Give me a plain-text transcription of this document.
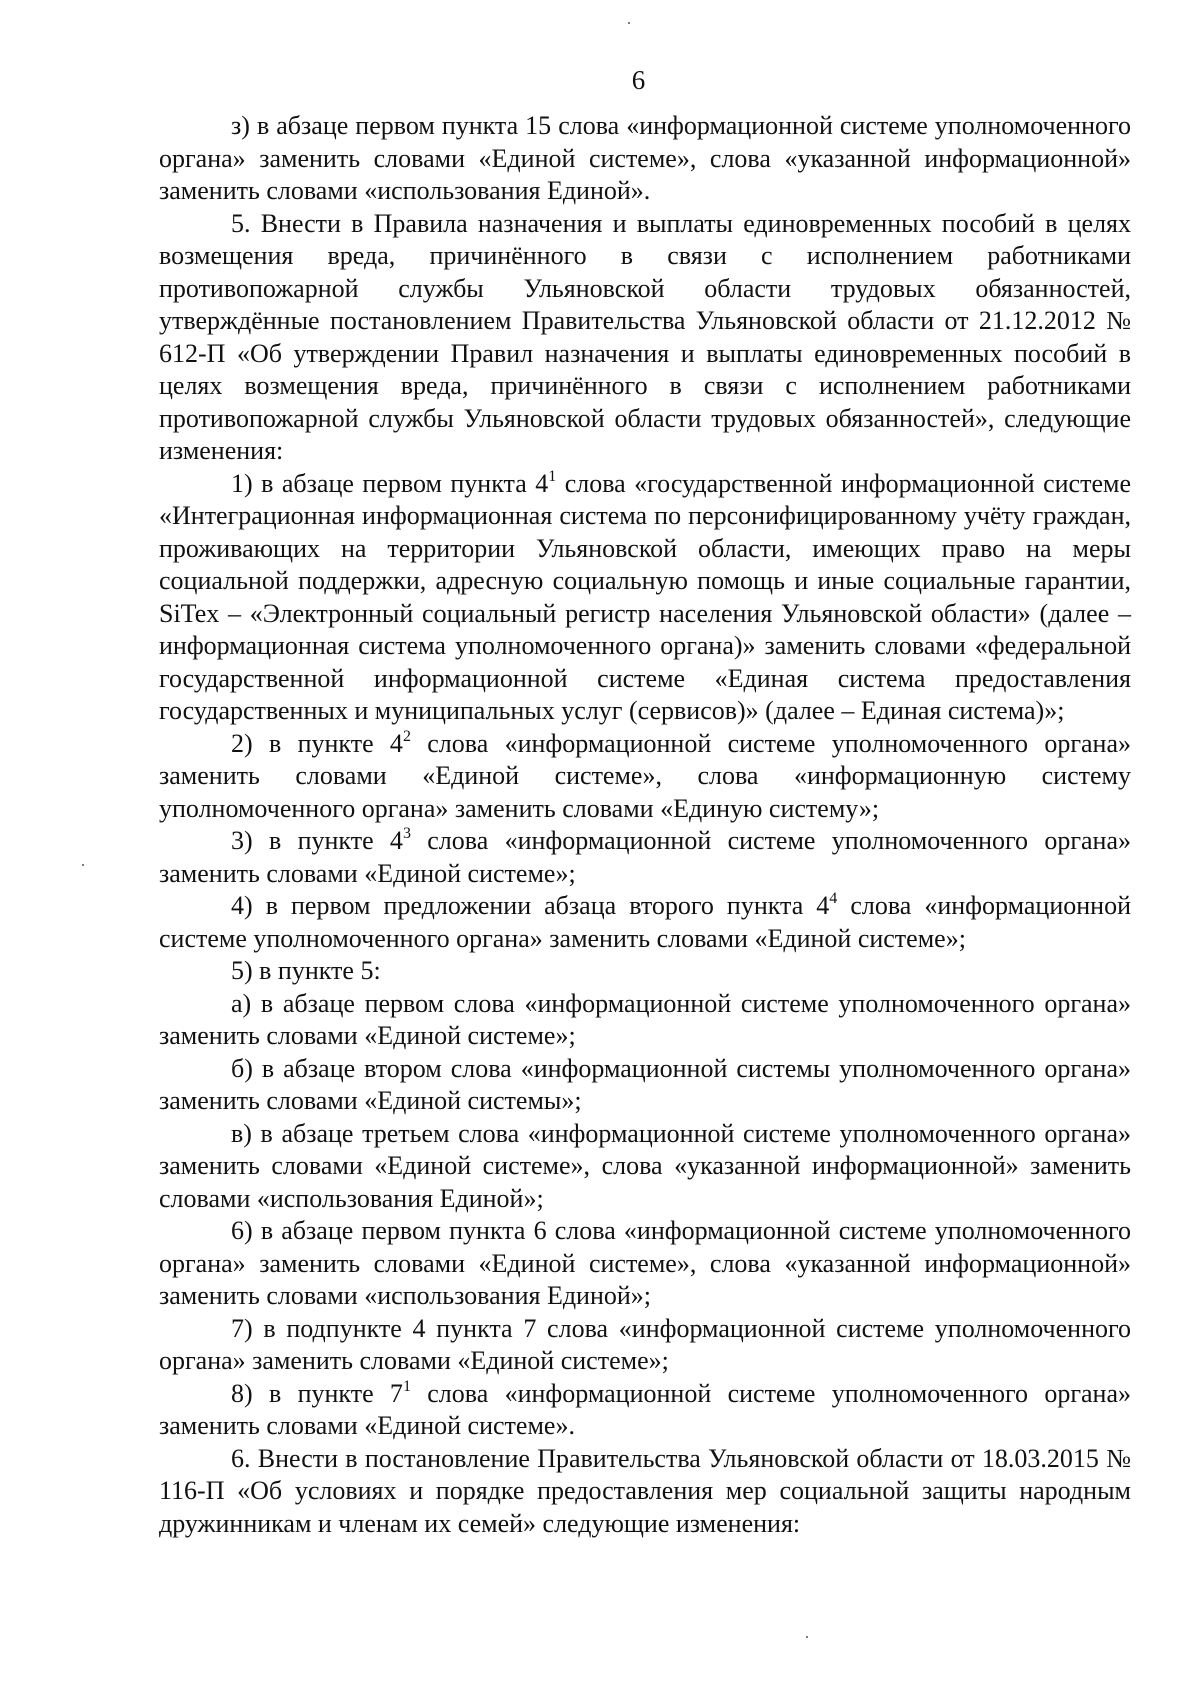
6

з) в абзаце первом пункта 15 слова «информационной системе уполномоченного органа» заменить словами «Единой системе», слова «указанной информационной» заменить словами «использования Единой».

5. Внести в Правила назначения и выплаты единовременных пособий в целях возмещения вреда, причинённого в связи с исполнением работниками противопожарной службы Ульяновской области трудовых обязанностей, утверждённые постановлением Правительства Ульяновской области от 21.12.2012 № 612-П «Об утверждении Правил назначения и выплаты единовременных пособий в целях возмещения вреда, причинённого в связи с исполнением работниками противопожарной службы Ульяновской области трудовых обязанностей», следующие изменения:

1) в абзаце первом пункта $4^1$ слова «государственной информационной системе «Интеграционная информационная система по персонифицированному учёту граждан, проживающих на территории Ульяновской области, имеющих право на меры социальной поддержки, адресную социальную помощь и иные социальные гарантии, SiTex – «Электронный социальный регистр населения Ульяновской области» (далее – информационная система уполномоченного органа)» заменить словами «федеральной государственной информационной системе «Единая система предоставления государственных и муниципальных услуг (сервисов)» (далее – Единая система)»;

2) в пункте $4^2$ слова «информационной системе уполномоченного органа» заменить словами «Единой системе», слова «информационную систему уполномоченного органа» заменить словами «Единую систему»;

3) в пункте $4^3$ слова «информационной системе уполномоченного органа» заменить словами «Единой системе»;

4) в первом предложении абзаца второго пункта $4^4$ слова «информационной системе уполномоченного органа» заменить словами «Единой системе»;

5) в пункте 5:

а) в абзаце первом слова «информационной системе уполномоченного органа» заменить словами «Единой системе»;

б) в абзаце втором слова «информационной системы уполномоченного органа» заменить словами «Единой системы»;

в) в абзаце третьем слова «информационной системе уполномоченного органа» заменить словами «Единой системе», слова «указанной информационной» заменить словами «использования Единой»;

6) в абзаце первом пункта 6 слова «информационной системе уполномоченного органа» заменить словами «Единой системе», слова «указанной информационной» заменить словами «использования Единой»;

7) в подпункте 4 пункта 7 слова «информационной системе уполномоченного органа» заменить словами «Единой системе»;

8) в пункте $7^1$ слова «информационной системе уполномоченного органа» заменить словами «Единой системе».

6. Внести в постановление Правительства Ульяновской области от 18.03.2015 № 116-П «Об условиях и порядке предоставления мер социальной защиты народным дружинникам и членам их семей» следующие изменения:
